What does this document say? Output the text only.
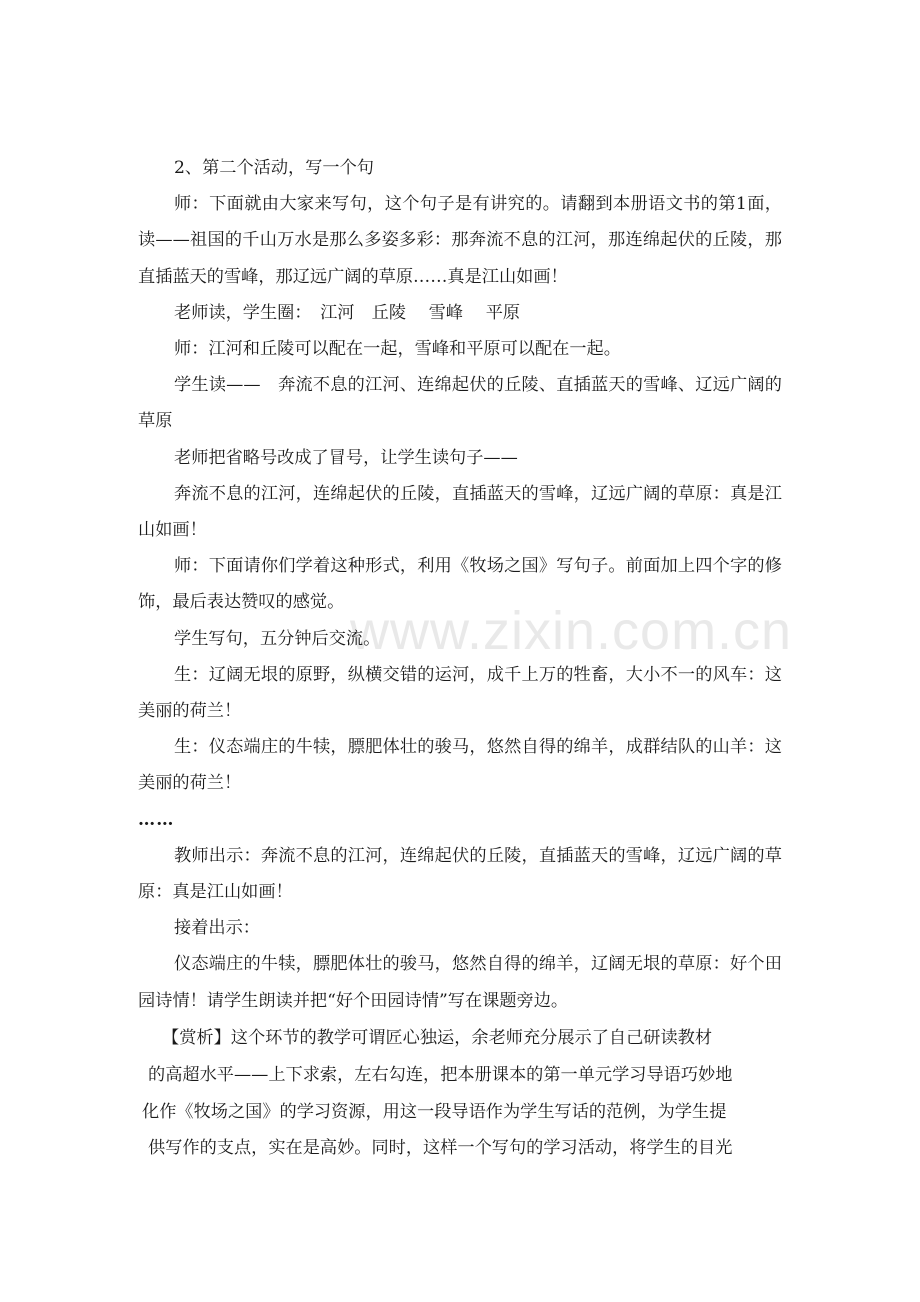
www.zixin.com.cn

2、第二个活动，写一个句

师：下面就由大家来写句，这个句子是有讲究的。请翻到本册语文书的第1面，读——祖国的千山万水是那么多姿多彩：那奔流不息的江河，那连绵起伏的丘陵，那直插蓝天的雪峰，那辽远广阔的草原……真是江山如画！

老师读，学生圈：　江河　丘陵　 雪峰　 平原

师：江河和丘陵可以配在一起，雪峰和平原可以配在一起。

学生读——　奔流不息的江河、连绵起伏的丘陵、直插蓝天的雪峰、辽远广阔的草原

老师把省略号改成了冒号，让学生读句子——

奔流不息的江河，连绵起伏的丘陵，直插蓝天的雪峰，辽远广阔的草原：真是江山如画！

师：下面请你们学着这种形式，利用《牧场之国》写句子。前面加上四个字的修饰，最后表达赞叹的感觉。

学生写句，五分钟后交流。

生：辽阔无垠的原野，纵横交错的运河，成千上万的牲畜，大小不一的风车：这美丽的荷兰！

生：仪态端庄的牛犊，膘肥体壮的骏马，悠然自得的绵羊，成群结队的山羊：这美丽的荷兰！

……

教师出示：奔流不息的江河，连绵起伏的丘陵，直插蓝天的雪峰，辽远广阔的草原：真是江山如画！

接着出示：

仪态端庄的牛犊，膘肥体壮的骏马，悠然自得的绵羊，辽阔无垠的草原：好个田园诗情！请学生朗读并把“好个田园诗情”写在课题旁边。

【赏析】这个环节的教学可谓匠心独运，余老师充分展示了自己研读教材
的高超水平——上下求索，左右勾连，把本册课本的第一单元学习导语巧妙地
化作《牧场之国》的学习资源，用这一段导语作为学生写话的范例，为学生提
供写作的支点，实在是高妙。同时，这样一个写句的学习活动，将学生的目光
